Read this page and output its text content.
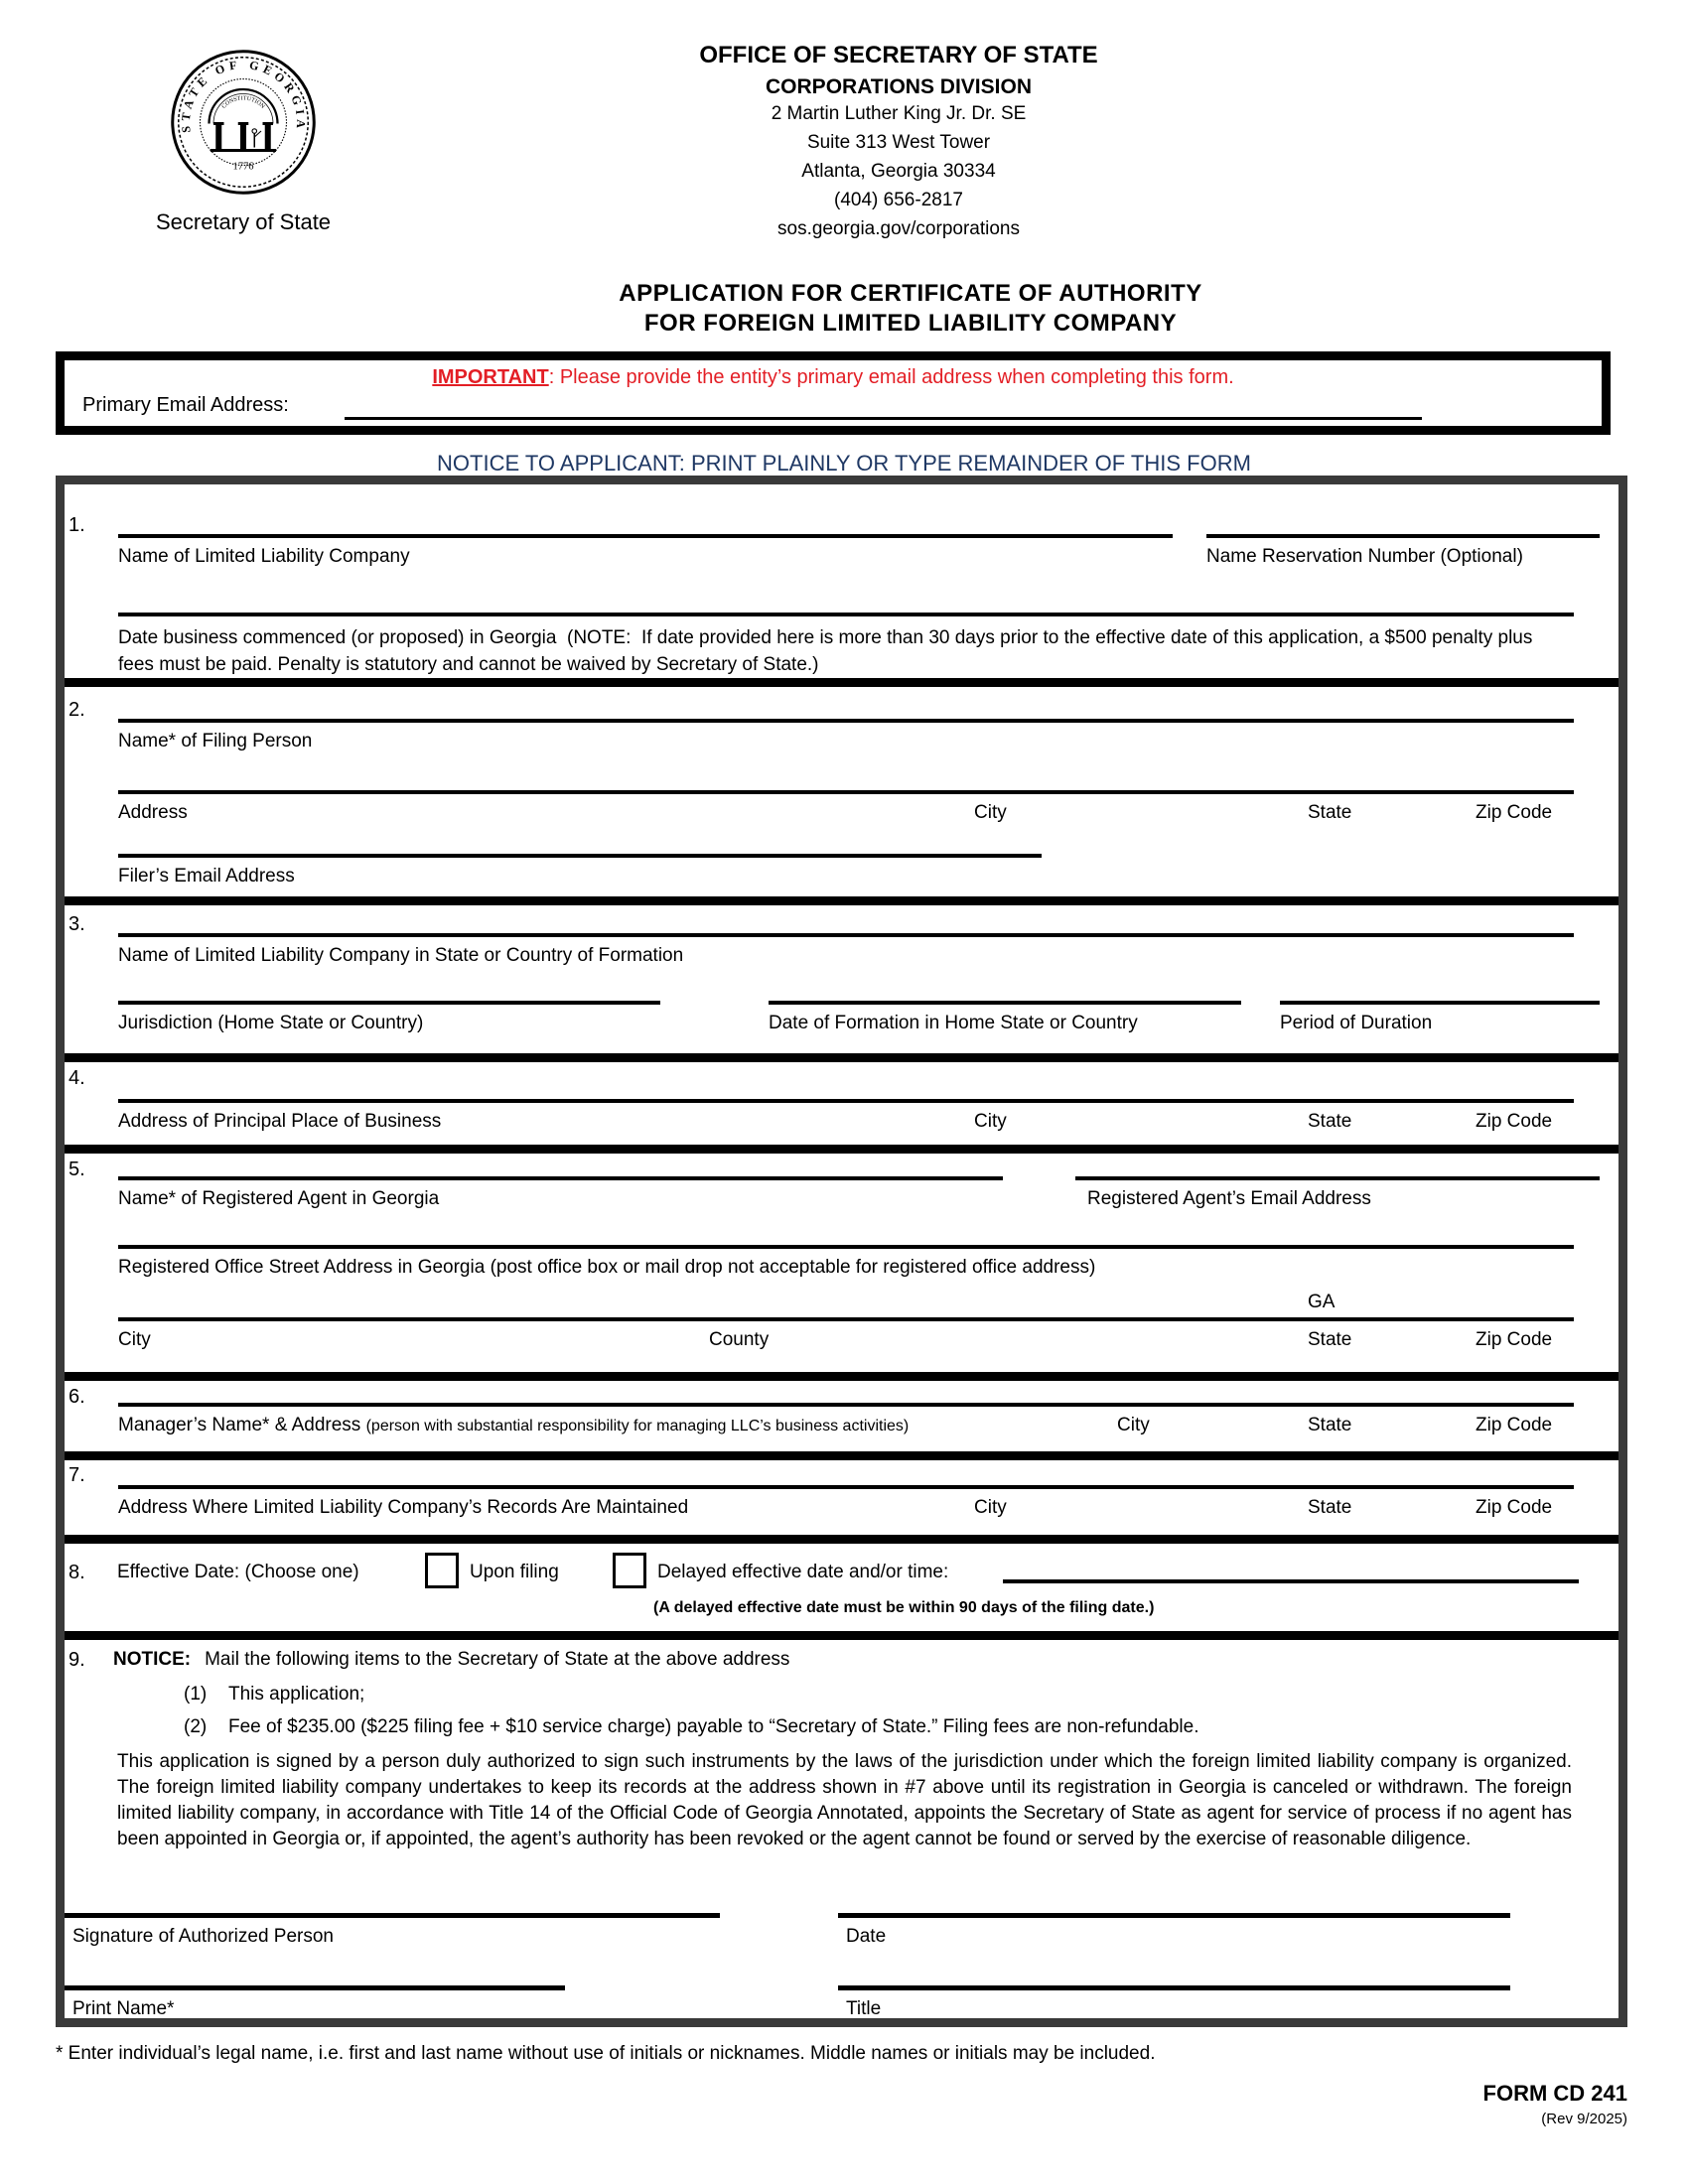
STATE OF GEORGIA
CONSTITUTION
1776
Secretary of State
OFFICE OF SECRETARY OF STATE
CORPORATIONS DIVISION
2 Martin Luther King Jr. Dr. SE
Suite 313 West Tower
Atlanta, Georgia 30334
(404) 656-2817
sos.georgia.gov/corporations
APPLICATION FOR CERTIFICATE OF AUTHORITY
FOR FOREIGN LIMITED LIABILITY COMPANY
IMPORTANT: Please provide the entity’s primary email address when completing this form.
Primary Email Address:
NOTICE TO APPLICANT: PRINT PLAINLY OR TYPE REMAINDER OF THIS FORM
1.
Name of Limited Liability Company	Name Reservation Number (Optional)
Date business commenced (or proposed) in Georgia  (NOTE:  If date provided here is more than 30 days prior to the effective date of this application, a $500 penalty plus fees must be paid. Penalty is statutory and cannot be waived by Secretary of State.)
2.
Name* of Filing Person
Address	City	State	Zip Code
Filer’s Email Address
3.
Name of Limited Liability Company in State or Country of Formation
Jurisdiction (Home State or Country)	Date of Formation in Home State or Country	Period of Duration
4.
Address of Principal Place of Business	City	State	Zip Code
5.
Name* of Registered Agent in Georgia	Registered Agent’s Email Address
Registered Office Street Address in Georgia (post office box or mail drop not acceptable for registered office address)
GA
City	County	State	Zip Code
6.
Manager’s Name* & Address (person with substantial responsibility for managing LLC’s business activities)	City	State	Zip Code
7.
Address Where Limited Liability Company’s Records Are Maintained	City	State	Zip Code
8. Effective Date: (Choose one)	Upon filing	Delayed effective date and/or time:
(A delayed effective date must be within 90 days of the filing date.)
9. NOTICE: Mail the following items to the Secretary of State at the above address
(1) This application;
(2) Fee of $235.00 ($225 filing fee + $10 service charge) payable to “Secretary of State.” Filing fees are non-refundable.
This application is signed by a person duly authorized to sign such instruments by the laws of the jurisdiction under which the foreign limited liability company is organized. The foreign limited liability company undertakes to keep its records at the address shown in #7 above until its registration in Georgia is canceled or withdrawn. The foreign limited liability company, in accordance with Title 14 of the Official Code of Georgia Annotated, appoints the Secretary of State as agent for service of process if no agent has been appointed in Georgia or, if appointed, the agent’s authority has been revoked or the agent cannot be found or served by the exercise of reasonable diligence.
Signature of Authorized Person	Date
Print Name*	Title
* Enter individual’s legal name, i.e. first and last name without use of initials or nicknames. Middle names or initials may be included.
FORM CD 241
(Rev 9/2025)
